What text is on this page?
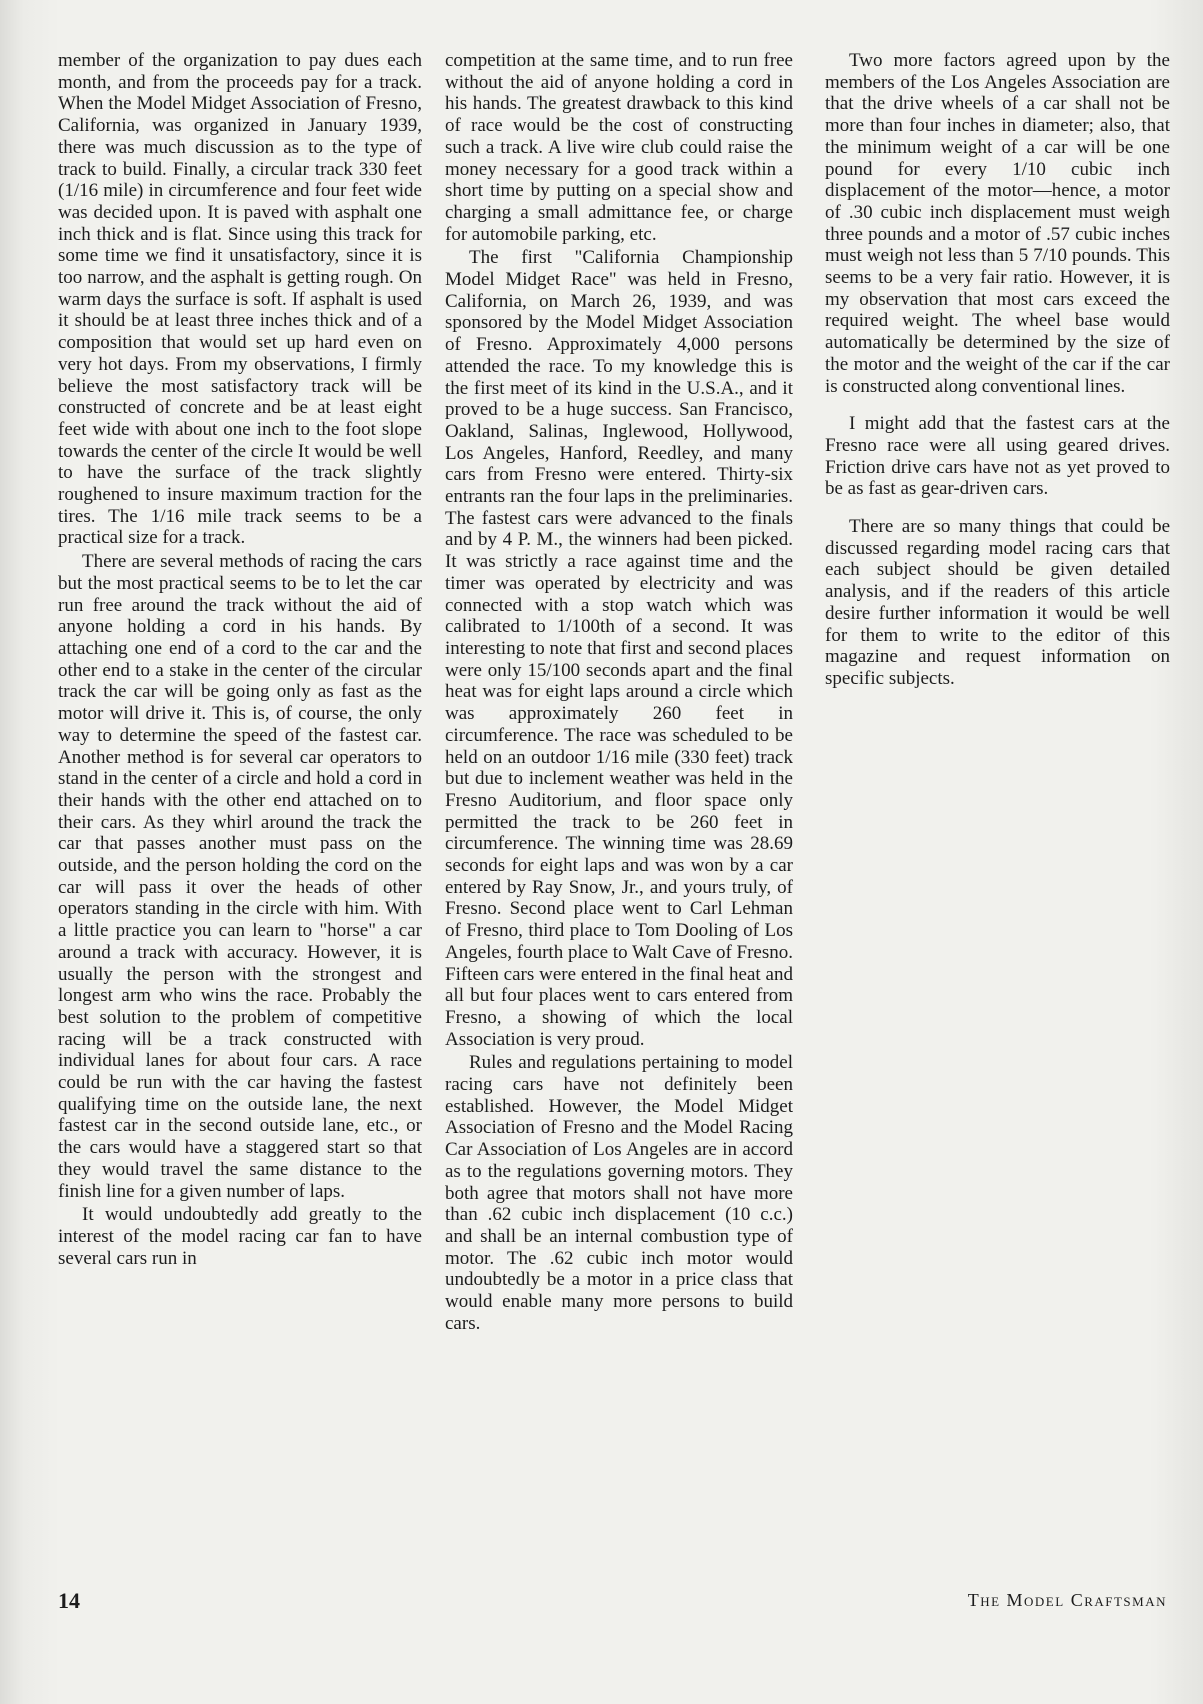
member of the organization to pay dues each month, and from the proceeds pay for a track. When the Model Midget Association of Fresno, California, was organized in January 1939, there was much discussion as to the type of track to build. Finally, a circular track 330 feet (1/16 mile) in circumference and four feet wide was decided upon. It is paved with asphalt one inch thick and is flat. Since using this track for some time we find it unsatisfactory, since it is too narrow, and the asphalt is getting rough. On warm days the surface is soft. If asphalt is used it should be at least three inches thick and of a composition that would set up hard even on very hot days. From my observations, I firmly believe the most satisfactory track will be constructed of concrete and be at least eight feet wide with about one inch to the foot slope towards the center of the circle It would be well to have the surface of the track slightly roughened to insure maximum traction for the tires. The 1/16 mile track seems to be a practical size for a track.

There are several methods of racing the cars but the most practical seems to be to let the car run free around the track without the aid of anyone holding a cord in his hands. By attaching one end of a cord to the car and the other end to a stake in the center of the circular track the car will be going only as fast as the motor will drive it. This is, of course, the only way to determine the speed of the fastest car. Another method is for several car operators to stand in the center of a circle and hold a cord in their hands with the other end attached on to their cars. As they whirl around the track the car that passes another must pass on the outside, and the person holding the cord on the car will pass it over the heads of other operators standing in the circle with him. With a little practice you can learn to "horse" a car around a track with accuracy. However, it is usually the person with the strongest and longest arm who wins the race. Probably the best solution to the problem of competitive racing will be a track constructed with individual lanes for about four cars. A race could be run with the car having the fastest qualifying time on the outside lane, the next fastest car in the second outside lane, etc., or the cars would have a staggered start so that they would travel the same distance to the finish line for a given number of laps.

It would undoubtedly add greatly to the interest of the model racing car fan to have several cars run in

competition at the same time, and to run free without the aid of anyone holding a cord in his hands. The greatest drawback to this kind of race would be the cost of constructing such a track. A live wire club could raise the money necessary for a good track within a short time by putting on a special show and charging a small admittance fee, or charge for automobile parking, etc.

The first "California Championship Model Midget Race" was held in Fresno, California, on March 26, 1939, and was sponsored by the Model Midget Association of Fresno. Approximately 4,000 persons attended the race. To my knowledge this is the first meet of its kind in the U.S.A., and it proved to be a huge success. San Francisco, Oakland, Salinas, Inglewood, Hollywood, Los Angeles, Hanford, Reedley, and many cars from Fresno were entered. Thirty-six entrants ran the four laps in the preliminaries. The fastest cars were advanced to the finals and by 4 P. M., the winners had been picked. It was strictly a race against time and the timer was operated by electricity and was connected with a stop watch which was calibrated to 1/100th of a second. It was interesting to note that first and second places were only 15/100 seconds apart and the final heat was for eight laps around a circle which was approximately 260 feet in circumference. The race was scheduled to be held on an outdoor 1/16 mile (330 feet) track but due to inclement weather was held in the Fresno Auditorium, and floor space only permitted the track to be 260 feet in circumference. The winning time was 28.69 seconds for eight laps and was won by a car entered by Ray Snow, Jr., and yours truly, of Fresno. Second place went to Carl Lehman of Fresno, third place to Tom Dooling of Los Angeles, fourth place to Walt Cave of Fresno. Fifteen cars were entered in the final heat and all but four places went to cars entered from Fresno, a showing of which the local Association is very proud.

Rules and regulations pertaining to model racing cars have not definitely been established. However, the Model Midget Association of Fresno and the Model Racing Car Association of Los Angeles are in accord as to the regulations governing motors. They both agree that motors shall not have more than .62 cubic inch displacement (10 c.c.) and shall be an internal combustion type of motor. The .62 cubic inch motor would undoubtedly be a motor in a price class that would enable many more persons to build cars.

Two more factors agreed upon by the members of the Los Angeles Association are that the drive wheels of a car shall not be more than four inches in diameter; also, that the minimum weight of a car will be one pound for every 1/10 cubic inch displacement of the motor—hence, a motor of .30 cubic inch displacement must weigh three pounds and a motor of .57 cubic inches must weigh not less than 5 7/10 pounds. This seems to be a very fair ratio. However, it is my observation that most cars exceed the required weight. The wheel base would automatically be determined by the size of the motor and the weight of the car if the car is constructed along conventional lines.

I might add that the fastest cars at the Fresno race were all using geared drives. Friction drive cars have not as yet proved to be as fast as gear-driven cars.

There are so many things that could be discussed regarding model racing cars that each subject should be given detailed analysis, and if the readers of this article desire further information it would be well for them to write to the editor of this magazine and request information on specific subjects.

14	The Model Craftsman
